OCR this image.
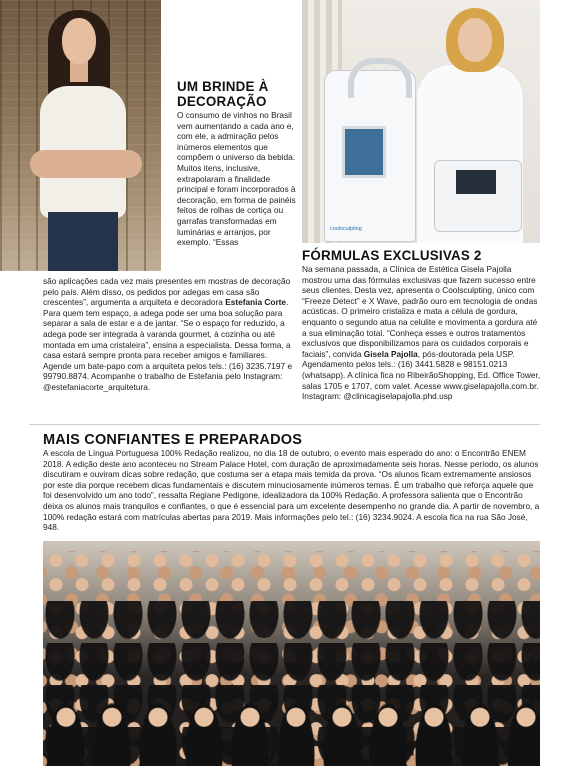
coolsculpting
UM BRINDE À DECORAÇÃO
O consumo de vinhos no Brasil vem aumentando a cada ano e, com ele, a admiração pelos inúmeros elementos que compõem o universo da bebida. Muitos itens, inclusive, extrapolaram a finalidade principal e foram incorporados à decoração, em forma de painéis feitos de rolhas de cortiça ou garrafas transformadas em luminárias e arranjos, por exemplo. “Essas
são aplicações cada vez mais presentes em mostras de decoração pelo país. Além disso, os pedidos por adegas em casa são crescentes”, argumenta a arquiteta e decoradora Estefania Corte. Para quem tem espaço, a adega pode ser uma boa solução para separar a sala de estar e a de jantar. “Se o espaço for reduzido, a adega pode ser integrada à varanda gourmet, à cozinha ou até montada em uma cristaleira”, ensina a especialista. Dessa forma, a casa estará sempre pronta para receber amigos e familiares. Agende um bate-papo com a arquiteta pelos tels.: (16) 3235.7197 e 99790.8874. Acompanhe o trabalho de Estefania pelo Instagram: @estefaniacorte_arquitetura.
FÓRMULAS EXCLUSIVAS 2
Na semana passada, a Clínica de Estética Gisela Pajolla mostrou uma das fórmulas exclusivas que fazem sucesso entre seus clientes. Desta vez, apresenta o Coolsculpting, único com “Freeze Detect” e X Wave, padrão ouro em tecnologia de ondas acústicas. O primeiro cristaliza e mata a célula de gordura, enquanto o segundo atua na celulite e movimenta a gordura até a sua eliminação total. “Conheça esses e outros tratamentos exclusivos que disponibilizamos para os cuidados corporais e faciais”, convida Gisela Pajolla, pós-doutorada pela USP. Agendamento pelos tels.: (16) 3441.5828 e 98151.0213 (whatsapp). A clínica fica no RibeirãoShopping, Ed. Office Tower, salas 1705 e 1707, com valet. Acesse www.giselapajolla.com.br. Instagram: @clinicagiselapajolla.phd.usp
MAIS CONFIANTES E PREPARADOS
A escola de Língua Portuguesa 100% Redação realizou, no dia 18 de outubro, o evento mais esperado do ano: o Encontrão ENEM 2018. A edição deste ano aconteceu no Stream Palace Hotel, com duração de aproximadamente seis horas. Nesse período, os alunos discutiram e ouviram dicas sobre redação, que costuma ser a etapa mais temida da prova. “Os alunos ficam extremamente ansiosos por este dia porque recebem dicas fundamentais e discutem minuciosamente inúmeros temas. É um trabalho que reforça aquele que foi desenvolvido um ano todo”, ressalta Regiane Pedigone, idealizadora da 100% Redação. A professora salienta que o Encontrão deixa os alunos mais tranquilos e confiantes, o que é essencial para um excelente desempenho no grande dia. A partir de novembro, a 100% redação estará com matrículas abertas para 2019. Mais informações pelo tel.: (16) 3234.9024. A escola fica na rua São José, 948.
